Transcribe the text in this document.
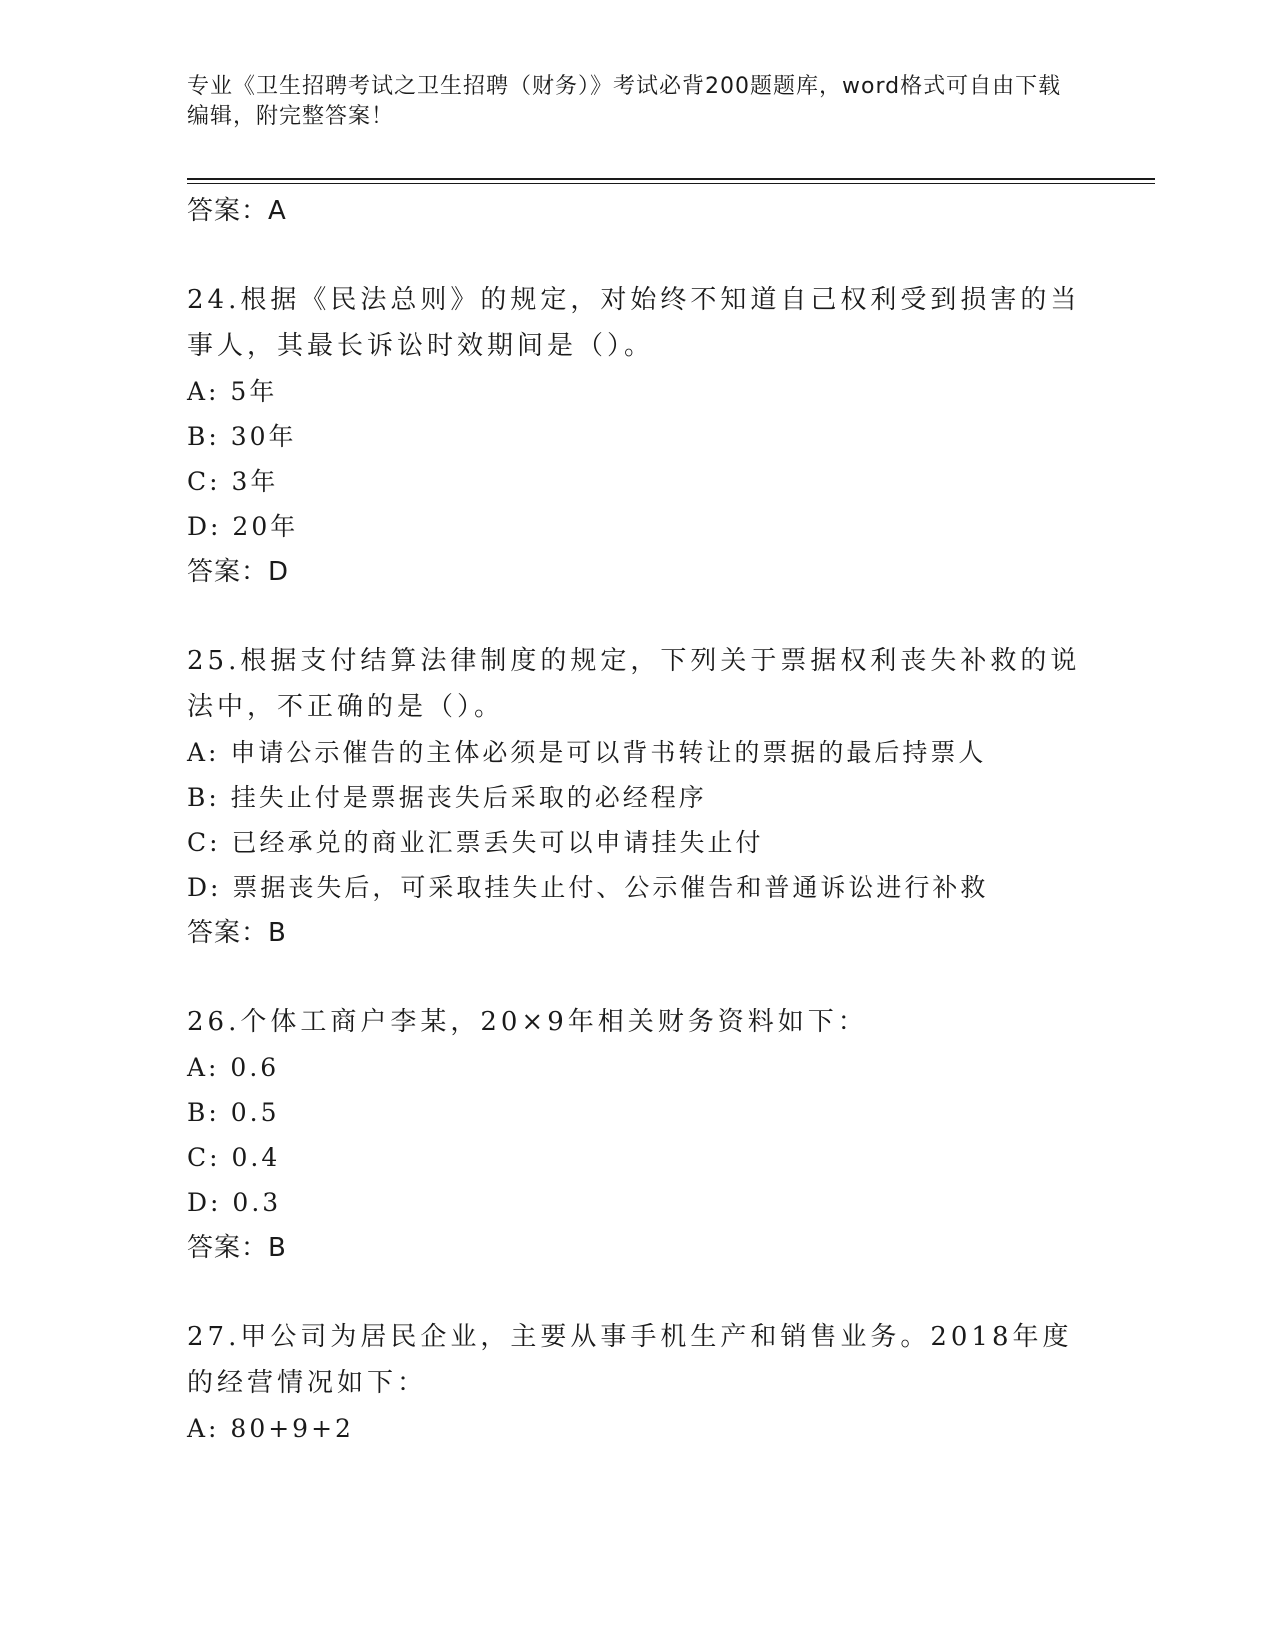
专业《卫生招聘考试之卫生招聘（财务）》考试必背200题题库，word格式可自由下载编辑，附完整答案！
答案：A
24.根据《民法总则》的规定，对始终不知道自己权利受到损害的当事人，其最长诉讼时效期间是（）。
A: 5年
B: 30年
C: 3年
D: 20年
答案：D
25.根据支付结算法律制度的规定，下列关于票据权利丧失补救的说法中，不正确的是（）。
A: 申请公示催告的主体必须是可以背书转让的票据的最后持票人
B: 挂失止付是票据丧失后采取的必经程序
C: 已经承兑的商业汇票丢失可以申请挂失止付
D: 票据丧失后，可采取挂失止付、公示催告和普通诉讼进行补救
答案：B
26.个体工商户李某，20×9年相关财务资料如下：
A: 0.6
B: 0.5
C: 0.4
D: 0.3
答案：B
27.甲公司为居民企业，主要从事手机生产和销售业务。2018年度的经营情况如下：
A: 80+9+2
